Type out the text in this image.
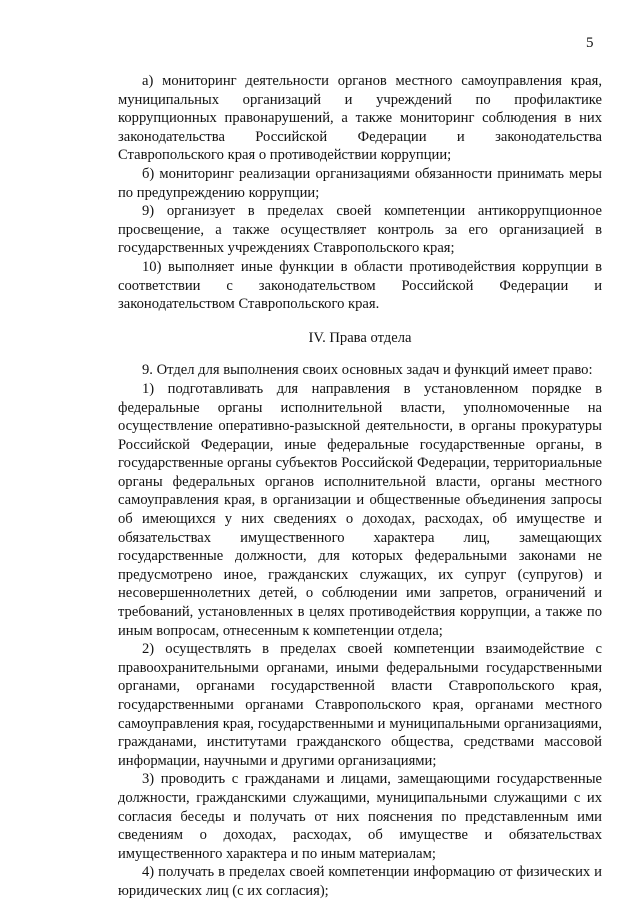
5

а) мониторинг деятельности органов местного самоуправления края, муниципальных организаций и учреждений по профилактике коррупционных правонарушений, а также мониторинг соблюдения в них законодательства Российской Федерации и законодательства Ставропольского края о противодействии коррупции;

б) мониторинг реализации организациями обязанности принимать меры по предупреждению коррупции;

9) организует в пределах своей компетенции антикоррупционное просвещение, а также осуществляет контроль за его организацией в государственных учреждениях Ставропольского края;

10) выполняет иные функции в области противодействия коррупции в соответствии с законодательством Российской Федерации и законодательством Ставропольского края.

IV. Права отдела

9. Отдел для выполнения своих основных задач и функций имеет право:

1) подготавливать для направления в установленном порядке в федеральные органы исполнительной власти, уполномоченные на осуществление оперативно-разыскной деятельности, в органы прокуратуры Российской Федерации, иные федеральные государственные органы, в государственные органы субъектов Российской Федерации, территориальные органы федеральных органов исполнительной власти, органы местного самоуправления края, в организации и общественные объединения запросы об имеющихся у них сведениях о доходах, расходах, об имуществе и обязательствах имущественного характера лиц, замещающих государственные должности, для которых федеральными законами не предусмотрено иное, гражданских служащих, их супруг (супругов) и несовершеннолетних детей, о соблюдении ими запретов, ограничений и требований, установленных в целях противодействия коррупции, а также по иным вопросам, отнесенным к компетенции отдела;

2) осуществлять в пределах своей компетенции взаимодействие с правоохранительными органами, иными федеральными государственными органами, органами государственной власти Ставропольского края, государственными органами Ставропольского края, органами местного самоуправления края, государственными и муниципальными организациями, гражданами, институтами гражданского общества, средствами массовой информации, научными и другими организациями;

3) проводить с гражданами и лицами, замещающими государственные должности, гражданскими служащими, муниципальными служащими с их согласия беседы и получать от них пояснения по представленным ими сведениям о доходах, расходах, об имуществе и обязательствах имущественного характера и по иным материалам;

4) получать в пределах своей компетенции информацию от физических и юридических лиц (с их согласия);
